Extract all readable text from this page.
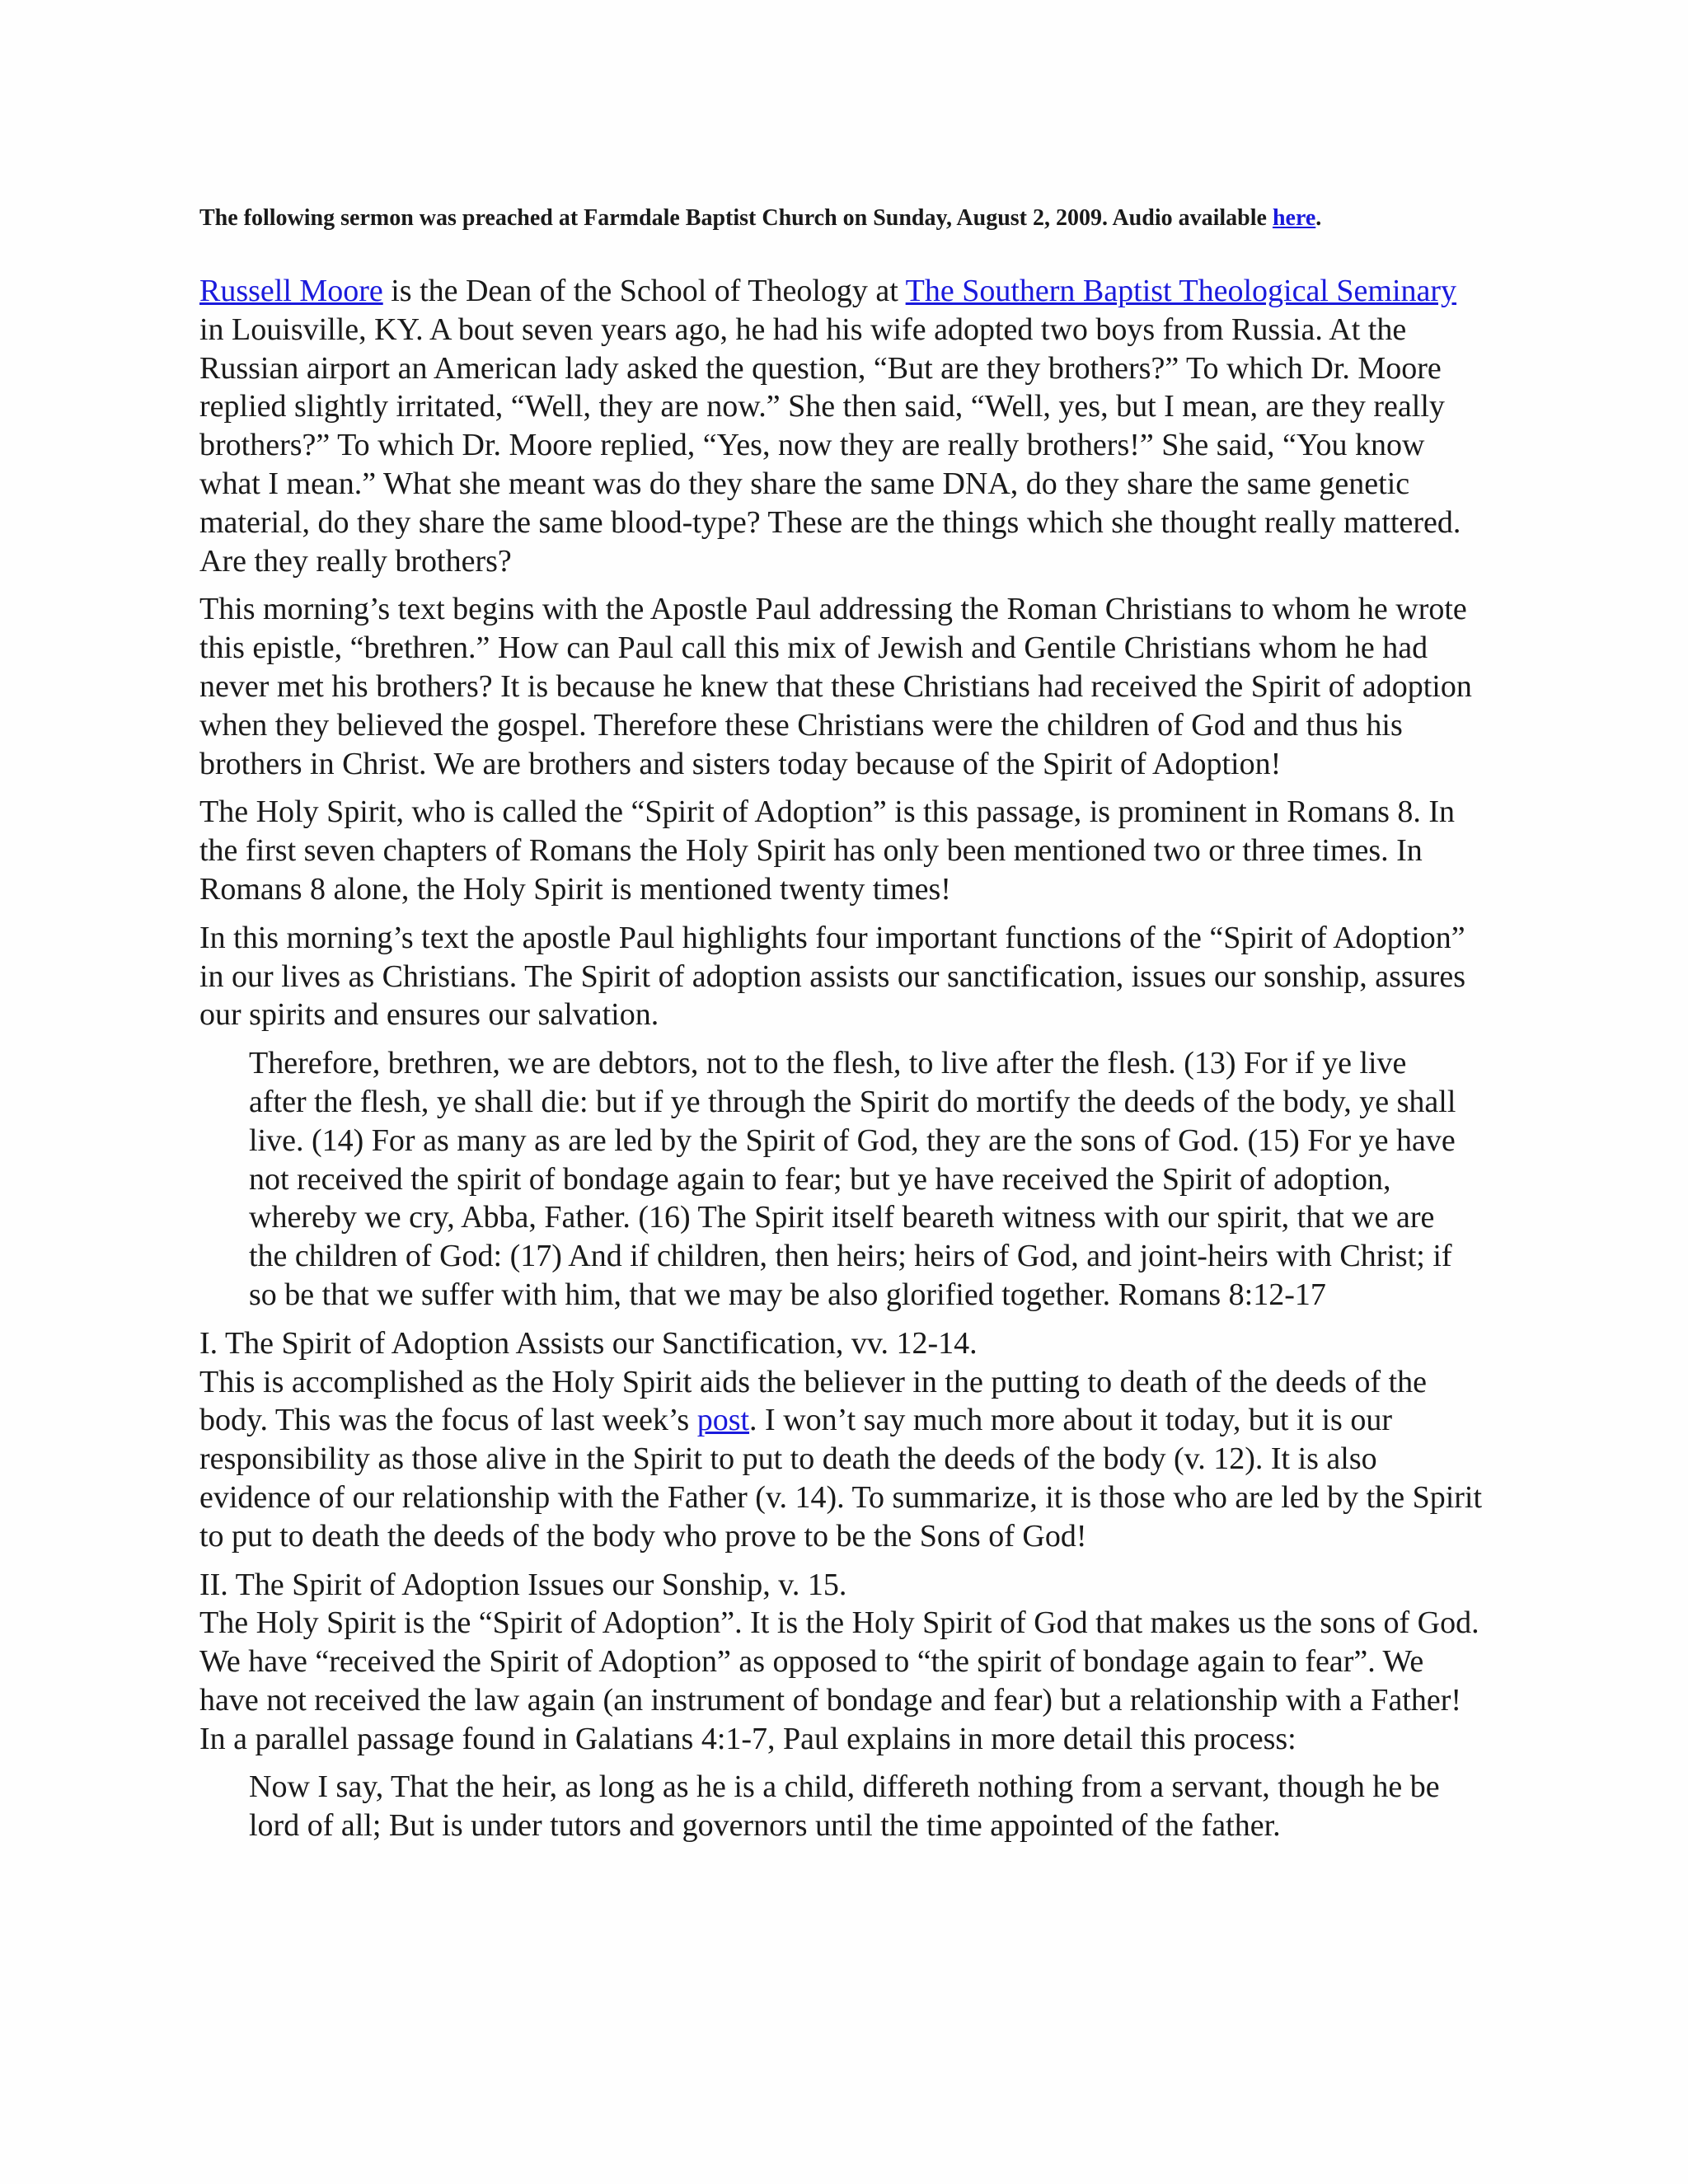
The following sermon was preached at Farmdale Baptist Church on Sunday, August 2, 2009. Audio available here.

Russell Moore is the Dean of the School of Theology at The Southern Baptist Theological Seminary in Louisville, KY. A bout seven years ago, he had his wife adopted two boys from Russia. At the Russian airport an American lady asked the question, “But are they brothers?” To which Dr. Moore replied slightly irritated, “Well, they are now.” She then said, “Well, yes, but I mean, are they really brothers?” To which Dr. Moore replied, “Yes, now they are really brothers!” She said, “You know what I mean.” What she meant was do they share the same DNA, do they share the same genetic material, do they share the same blood-type? These are the things which she thought really mattered. Are they really brothers?

This morning’s text begins with the Apostle Paul addressing the Roman Christians to whom he wrote this epistle, “brethren.” How can Paul call this mix of Jewish and Gentile Christians whom he had never met his brothers? It is because he knew that these Christians had received the Spirit of adoption when they believed the gospel. Therefore these Christians were the children of God and thus his brothers in Christ. We are brothers and sisters today because of the Spirit of Adoption!

The Holy Spirit, who is called the “Spirit of Adoption” is this passage, is prominent in Romans 8. In the first seven chapters of Romans the Holy Spirit has only been mentioned two or three times. In Romans 8 alone, the Holy Spirit is mentioned twenty times!

In this morning’s text the apostle Paul highlights four important functions of the “Spirit of Adoption” in our lives as Christians. The Spirit of adoption assists our sanctification, issues our sonship, assures our spirits and ensures our salvation.

Therefore, brethren, we are debtors, not to the flesh, to live after the flesh. (13) For if ye live after the flesh, ye shall die: but if ye through the Spirit do mortify the deeds of the body, ye shall live. (14) For as many as are led by the Spirit of God, they are the sons of God. (15) For ye have not received the spirit of bondage again to fear; but ye have received the Spirit of adoption, whereby we cry, Abba, Father. (16) The Spirit itself beareth witness with our spirit, that we are the children of God: (17) And if children, then heirs; heirs of God, and joint-heirs with Christ; if so be that we suffer with him, that we may be also glorified together. Romans 8:12-17

I. The Spirit of Adoption Assists our Sanctification, vv. 12-14.

This is accomplished as the Holy Spirit aids the believer in the putting to death of the deeds of the body. This was the focus of last week’s post. I won’t say much more about it today, but it is our responsibility as those alive in the Spirit to put to death the deeds of the body (v. 12). It is also evidence of our relationship with the Father (v. 14). To summarize, it is those who are led by the Spirit to put to death the deeds of the body who prove to be the Sons of God!

II. The Spirit of Adoption Issues our Sonship, v. 15.

The Holy Spirit is the “Spirit of Adoption”. It is the Holy Spirit of God that makes us the sons of God. We have “received the Spirit of Adoption” as opposed to “the spirit of bondage again to fear”. We have not received the law again (an instrument of bondage and fear) but a relationship with a Father! In a parallel passage found in Galatians 4:1-7, Paul explains in more detail this process:

Now I say, That the heir, as long as he is a child, differeth nothing from a servant, though he be lord of all; But is under tutors and governors until the time appointed of the father.
